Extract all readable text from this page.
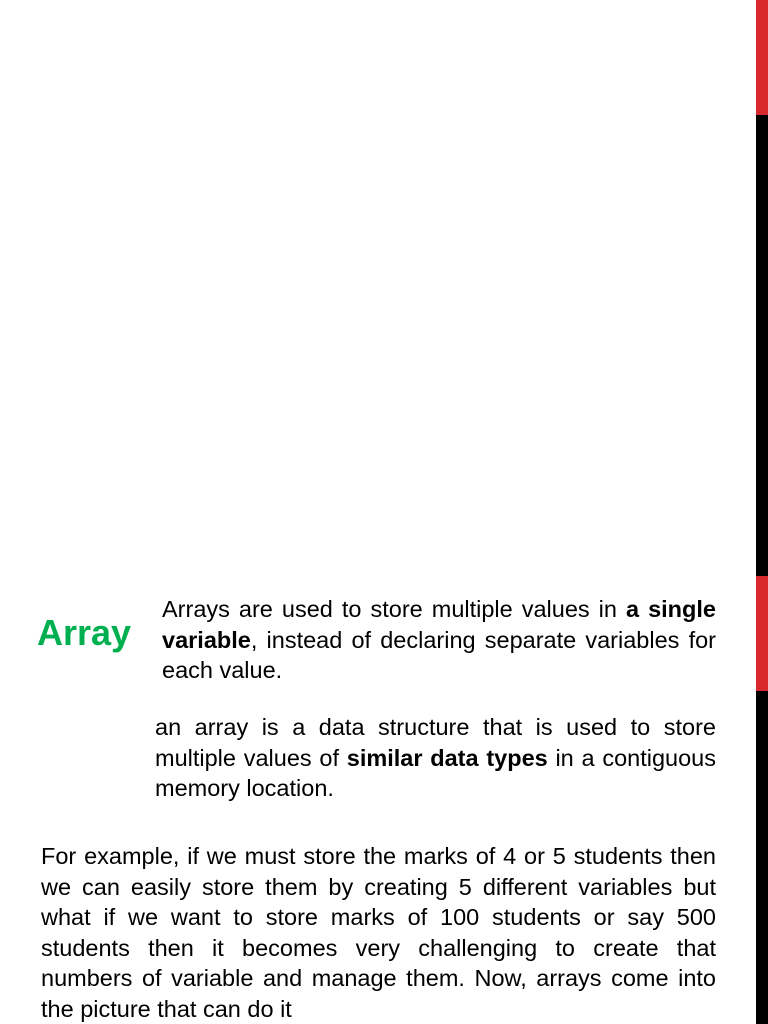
Array

Arrays are used to store multiple values in a single variable, instead of declaring separate variables for each value.

an array is a data structure that is used to store multiple values of similar data types in a contiguous memory location.

For example, if we must store the marks of 4 or 5 students then we can easily store them by creating 5 different variables but what if we want to store marks of 100 students or say 500 students then it becomes very challenging to create that numbers of variable and manage them. Now, arrays come into the picture that can do it
